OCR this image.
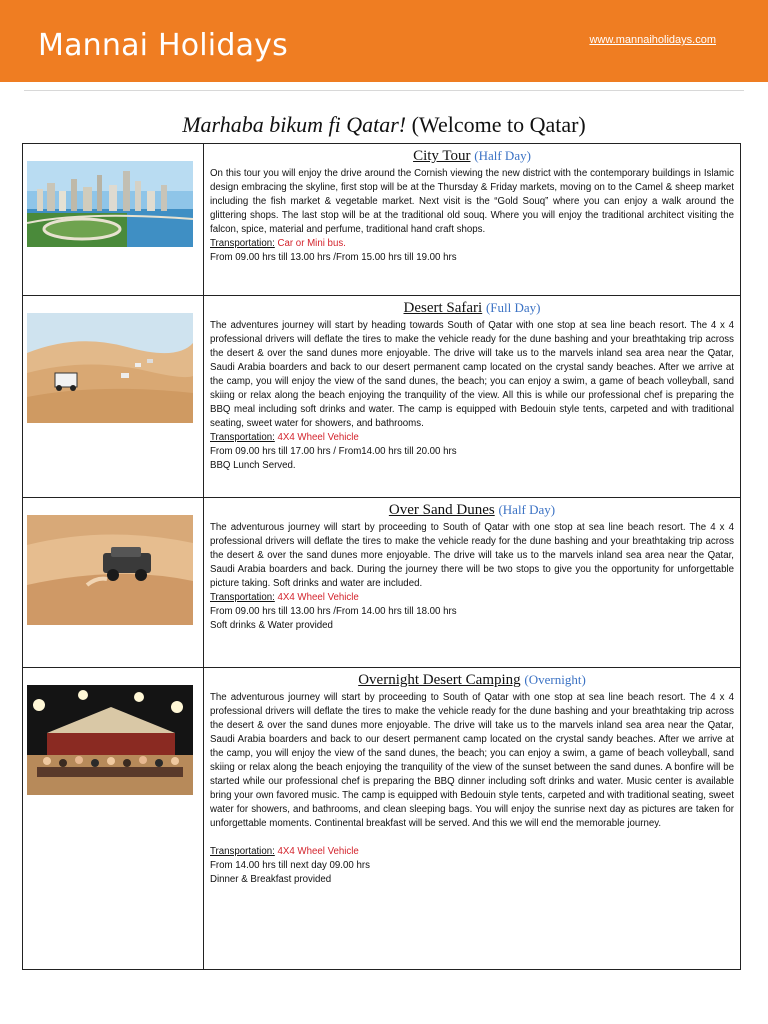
Mannai Holidays	www.mannaiholidays.com
Marhaba bikum fi Qatar! (Welcome to Qatar)

City Tour (Half Day)

On this tour you will enjoy the drive around the Cornish viewing the new district with the contemporary buildings in Islamic design embracing the skyline, first stop will be at the Thursday & Friday markets, moving on to the Camel & sheep market including the fish market & vegetable market. Next visit is the “Gold Souq” where you can enjoy a walk around the glittering shops. The last stop will be at the traditional old souq. Where you will enjoy the traditional architect visiting the falcon, spice, material and perfume, traditional hand craft shops.

Transportation: Car or Mini bus.

From 09.00 hrs till 13.00 hrs /From 15.00 hrs till 19.00 hrs

Desert Safari (Full Day)

The adventures journey will start by heading towards South of Qatar with one stop at sea line beach resort. The 4 x 4 professional drivers will deflate the tires to make the vehicle ready for the dune bashing and your breathtaking trip across the desert & over the sand dunes more enjoyable. The drive will take us to the marvels inland sea area near the Qatar, Saudi Arabia boarders and back to our desert permanent camp located on the crystal sandy beaches. After we arrive at the camp, you will enjoy the view of the sand dunes, the beach; you can enjoy a swim, a game of beach volleyball, sand skiing or relax along the beach enjoying the tranquility of the view. All this is while our professional chef is preparing the BBQ meal including soft drinks and water. The camp is equipped with Bedouin style tents, carpeted and with traditional seating, sweet water for showers, and bathrooms.

Transportation: 4X4 Wheel Vehicle

From 09.00 hrs till 17.00 hrs / From14.00 hrs till 20.00 hrs

BBQ Lunch Served.

Over Sand Dunes (Half Day)

The adventurous journey will start by proceeding to South of Qatar with one stop at sea line beach resort. The 4 x 4 professional drivers will deflate the tires to make the vehicle ready for the dune bashing and your breathtaking trip across the desert & over the sand dunes more enjoyable. The drive will take us to the marvels inland sea area near the Qatar, Saudi Arabia boarders and back. During the journey there will be two stops to give you the opportunity for unforgettable picture taking. Soft drinks and water are included.

Transportation: 4X4 Wheel Vehicle

From 09.00 hrs till 13.00 hrs /From 14.00 hrs till 18.00 hrs

Soft drinks & Water provided

Overnight Desert Camping (Overnight)

The adventurous journey will start by proceeding to South of Qatar with one stop at sea line beach resort. The 4 x 4 professional drivers will deflate the tires to make the vehicle ready for the dune bashing and your breathtaking trip across the desert & over the sand dunes more enjoyable. The drive will take us to the marvels inland sea area near the Qatar, Saudi Arabia boarders and back to our desert permanent camp located on the crystal sandy beaches. After we arrive at the camp, you will enjoy the view of the sand dunes, the beach; you can enjoy a swim, a game of beach volleyball, sand skiing or relax along the beach enjoying the tranquility of the view of the sunset between the sand dunes. A bonfire will be started while our professional chef is preparing the BBQ dinner including soft drinks and water. Music center is available bring your own favored music. The camp is equipped with Bedouin style tents, carpeted and with traditional seating, sweet water for showers, and bathrooms, and clean sleeping bags. You will enjoy the sunrise next day as pictures are taken for unforgettable moments. Continental breakfast will be served. And this we will end the memorable journey.

Transportation: 4X4 Wheel Vehicle

From 14.00 hrs till next day 09.00 hrs

Dinner & Breakfast provided
